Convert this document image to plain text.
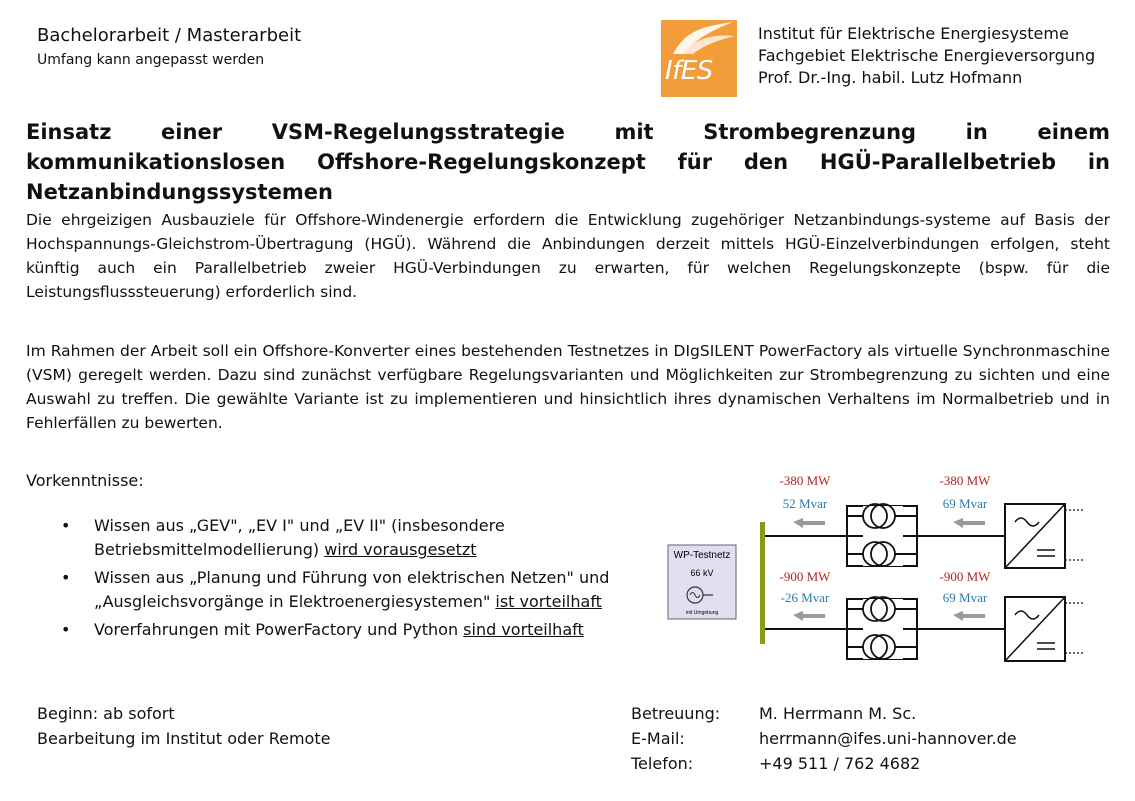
Bachelorarbeit / Masterarbeit
Umfang kann angepasst werden	IfES
Institut für Elektrische Energiesysteme
Fachgebiet Elektrische Energieversorgung
Prof. Dr.-Ing. habil. Lutz Hofmann
Einsatz einer VSM-Regelungsstrategie mit Strombegrenzung in einem kommunikationslosen Offshore-Regelungskonzept für den HGÜ-Parallelbetrieb in Netzanbindungssystemen
Die ehrgeizigen Ausbauziele für Offshore-Windenergie erfordern die Entwicklung zugehöriger Netzanbindungs-systeme auf Basis der Hochspannungs-Gleichstrom-Übertragung (HGÜ). Während die Anbindungen derzeit mittels HGÜ-Einzelverbindungen erfolgen, steht künftig auch ein Parallelbetrieb zweier HGÜ-Verbindungen zu erwarten, für welchen Regelungskonzepte (bspw. für die Leistungsflusssteuerung) erforderlich sind.
Im Rahmen der Arbeit soll ein Offshore-Konverter eines bestehenden Testnetzes in DIgSILENT PowerFactory als virtuelle Synchronmaschine (VSM) geregelt werden. Dazu sind zunächst verfügbare Regelungsvarianten und Möglichkeiten zur Strombegrenzung zu sichten und eine Auswahl zu treffen. Die gewählte Variante ist zu implementieren und hinsichtlich ihres dynamischen Verhaltens im Normalbetrieb und in Fehlerfällen zu bewerten.
Vorkenntnisse:
• Wissen aus „GEV", „EV I" und „EV II" (insbesondere Betriebsmittelmodellierung) wird vorausgesetzt
• Wissen aus „Planung und Führung von elektrischen Netzen" und „Ausgleichsvorgänge in Elektroenergiesystemen" ist vorteilhaft
• Vorerfahrungen mit PowerFactory und Python sind vorteilhaft
WP-Testnetz
66 kV
mit Umgebung
-380 MW
52 Mvar
-380 MW
69 Mvar
-900 MW
-26 Mvar
-900 MW
69 Mvar
Beginn: ab sofort
Bearbeitung im Institut oder Remote
Betreuung:	M. Herrmann M. Sc.
E-Mail:	herrmann@ifes.uni-hannover.de
Telefon:	+49 511 / 762 4682
